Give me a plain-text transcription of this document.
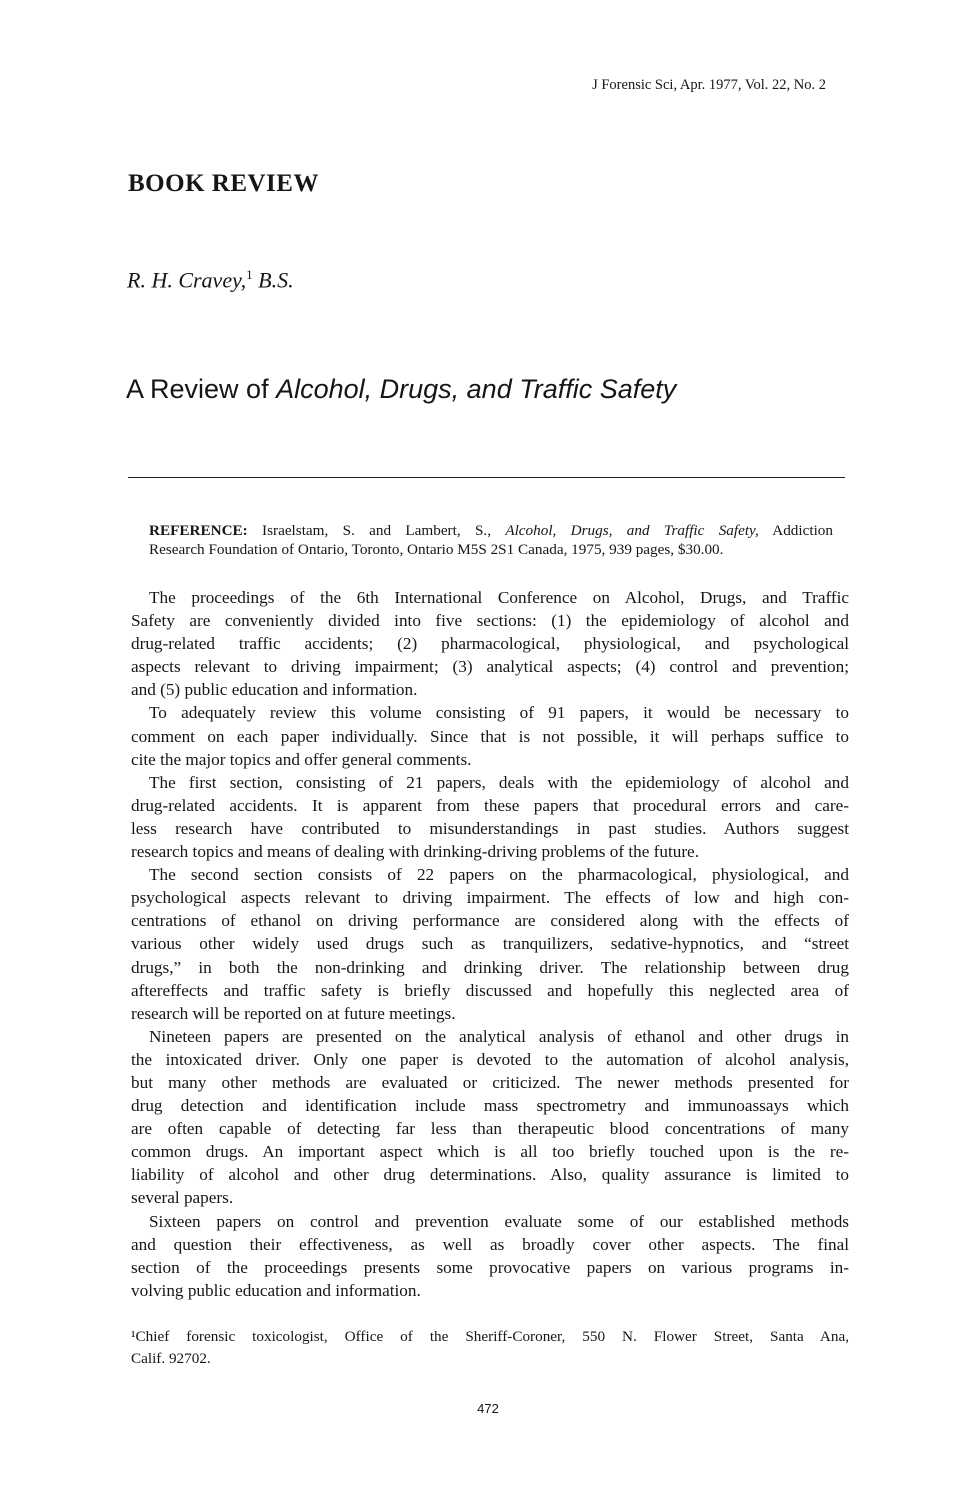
J Forensic Sci, Apr. 1977, Vol. 22, No. 2
BOOK REVIEW
R. H. Cravey,$^1$ B.S.
A Review of Alcohol, Drugs, and Traffic Safety
REFERENCE: Israelstam, S. and Lambert, S., Alcohol, Drugs, and Traffic Safety, Addiction
Research Foundation of Ontario, Toronto, Ontario M5S 2S1 Canada, 1975, 939 pages, $30.00.
The proceedings of the 6th International Conference on Alcohol, Drugs, and Traffic
Safety are conveniently divided into five sections: (1) the epidemiology of alcohol and
drug-related traffic accidents; (2) pharmacological, physiological, and psychological
aspects relevant to driving impairment; (3) analytical aspects; (4) control and prevention;
and (5) public education and information.
To adequately review this volume consisting of 91 papers, it would be necessary to
comment on each paper individually. Since that is not possible, it will perhaps suffice to
cite the major topics and offer general comments.
The first section, consisting of 21 papers, deals with the epidemiology of alcohol and
drug-related accidents. It is apparent from these papers that procedural errors and care-
less research have contributed to misunderstandings in past studies. Authors suggest
research topics and means of dealing with drinking-driving problems of the future.
The second section consists of 22 papers on the pharmacological, physiological, and
psychological aspects relevant to driving impairment. The effects of low and high con-
centrations of ethanol on driving performance are considered along with the effects of
various other widely used drugs such as tranquilizers, sedative-hypnotics, and “street
drugs,” in both the non-drinking and drinking driver. The relationship between drug
aftereffects and traffic safety is briefly discussed and hopefully this neglected area of
research will be reported on at future meetings.
Nineteen papers are presented on the analytical analysis of ethanol and other drugs in
the intoxicated driver. Only one paper is devoted to the automation of alcohol analysis,
but many other methods are evaluated or criticized. The newer methods presented for
drug detection and identification include mass spectrometry and immunoassays which
are often capable of detecting far less than therapeutic blood concentrations of many
common drugs. An important aspect which is all too briefly touched upon is the re-
liability of alcohol and other drug determinations. Also, quality assurance is limited to
several papers.
Sixteen papers on control and prevention evaluate some of our established methods
and question their effectiveness, as well as broadly cover other aspects. The final
section of the proceedings presents some provocative papers on various programs in-
volving public education and information.
¹Chief forensic toxicologist, Office of the Sheriff-Coroner, 550 N. Flower Street, Santa Ana,
Calif. 92702.
472
